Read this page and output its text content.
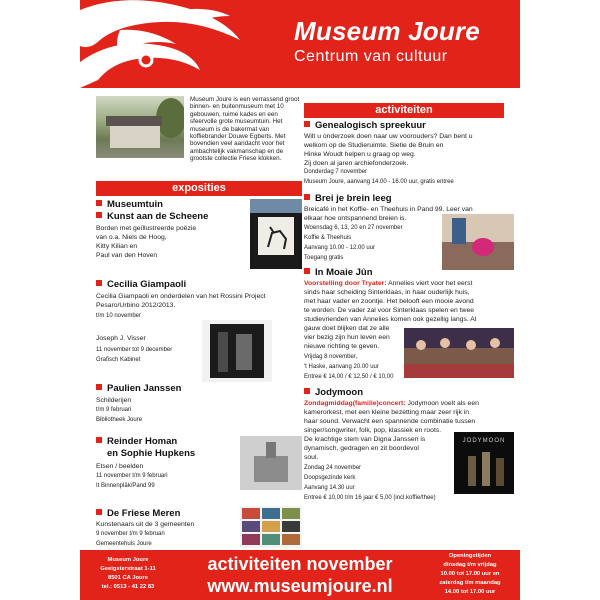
Museum Joure
Centrum van cultuur
Museum Joure is een verrassend groot binnen- en buitenmuseum met 10 gebouwen, ruime kades en een sfeervolle grote museumtuin. Het museum is de bakermat van koffiebrander Douwe Egberts. Met bovendien veel aandacht voor het ambachtelijk vakmanschap en de grootste collectie Friese klokken.
exposities
Museumtuin
Kunst aan de Scheene
Borden met geïllustreerde poëzie
van o.a. Niels de Hoog,
Kitty Kilian en
Paul van den Hoven
Cecilia Giampaoli
Cecilia Giampaoli en onderdelen van het Rossini Project
Pesaro/Urbino 2012/2013.
t/m 10 november
Joseph J. Visser
11 november tot 9 december
Grafisch Kabinet
Paulien Janssen
Schilderijen
t/m 9 februari
Bibliotheek Joure
Reinder Homan
en Sophie Hupkens
Etsen / beelden
11 november t/m 9 februari
It Binnenpläk/Pand 99
De Friese Meren
Kunstenaars uit de 3 gemeenten
9 november t/m 9 februari
Gemeentehuis Joure
activiteiten
Genealogisch spreekuur
Wilt u onderzoek doen naar uw voorouders? Dan bent u
welkom op de Studieruimte. Sietie de Bruin en
Hinke Woudt helpen u graag op weg.
Zij doen al jaren archiefonderzoek.
Donderdag 7 november
Museum Joure, aanvang 14.00 - 16.00 uur, gratis entree
Brei je brein leeg
Breicafé in het Koffie- en Theehuis in Pand 99. Leer van
elkaar hoe ontspannend breien is.
Woensdag 6, 13, 20 en 27 november
Koffie & Theehuis
Aanvang 10.00 - 12.00 uur
Toegang gratis
In Moaie Jûn
Voorstelling door Tryater: Annelies viert voor het eerst
sinds haar scheiding Sinterklaas, in haar ouderlijk huis,
met haar vader en zoontje. Het belooft een mooie avond
te worden. De vader zal voor Sinterklaas spelen en twee
studievrienden van Annelies komen ook gezellig langs. Al
gauw doet blijken dat ze alle
vier bezig zijn hun leven een
nieuwe richting te geven.
Vrijdag 8 november,
't Haske, aanvang 20.00 uur
Entree € 14,00 / € 12,50 / € 10,00
Jodymoon
Zondagmiddag(familie)concert: Jodymoon voelt als een
kamerorkest, met een kleine bezetting maar zeer rijk in
haar sound. Verwacht een spannende combinatie tussen
singer/songwriter, folk, pop, klassiek en roots.
De krachtige stem van Digna Janssen is
dynamisch, gedragen en zit boordevol
soul.
Zondag 24 november
Doopsgezinde kerk
Aanvang 14.30 uur
Entree € 10,00 t/m 16 jaar € 5,00 (incl.koffie/thee)
JODYMOON
Museum Joure
Geeigsterstraat 1-11
8501 CA Joure
tel.: 0513 - 41 22 83
activiteiten november
www.museumjoure.nl
Openingstijden
dinsdag t/m vrijdag
10.00 tot 17.00 uur en
zaterdag t/m maandag
14.00 tot 17.00 uur
